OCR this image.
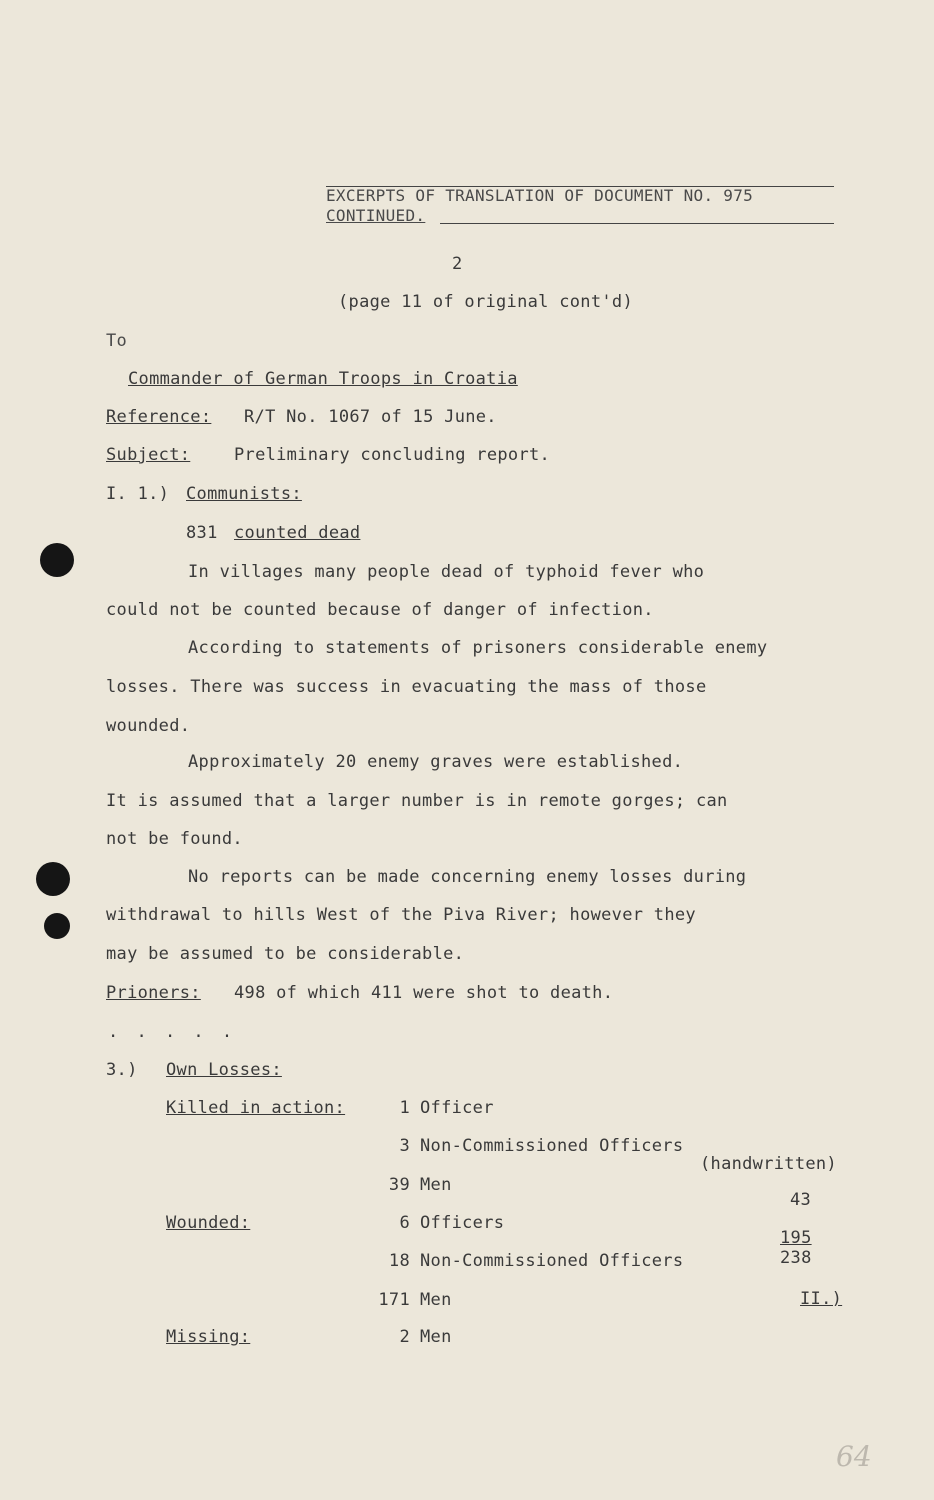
EXCERPTS OF TRANSLATION OF DOCUMENT NO. 975
CONTINUED.
2
(page 11 of original cont'd)
To
Commander of German Troops in Croatia
Reference: R/T No. 1067 of 15 June.
Subject:	Preliminary concluding report.
I. 1.) Communists:
831 counted dead
In villages many people dead of typhoid fever who
could not be counted because of danger of infection.
According to statements of prisoners considerable enemy
losses. There was success in evacuating the mass of those
wounded.
Approximately 20 enemy graves were established.
It is assumed that a larger number is in remote gorges; can
not be found.
No reports can be made concerning enemy losses during
withdrawal to hills West of the Piva River; however they
may be assumed to be considerable.
Prioners: 498 of which 411 were shot to death.
. . . . .
3.) Own Losses:
Killed in action:
Wounded:
Missing:
1 Officer
3 Non-Commissioned Officers
39 Men
6 Officers
18 Non-Commissioned Officers
171 Men
2 Men
(handwritten)
43
195
238
II.)
64
